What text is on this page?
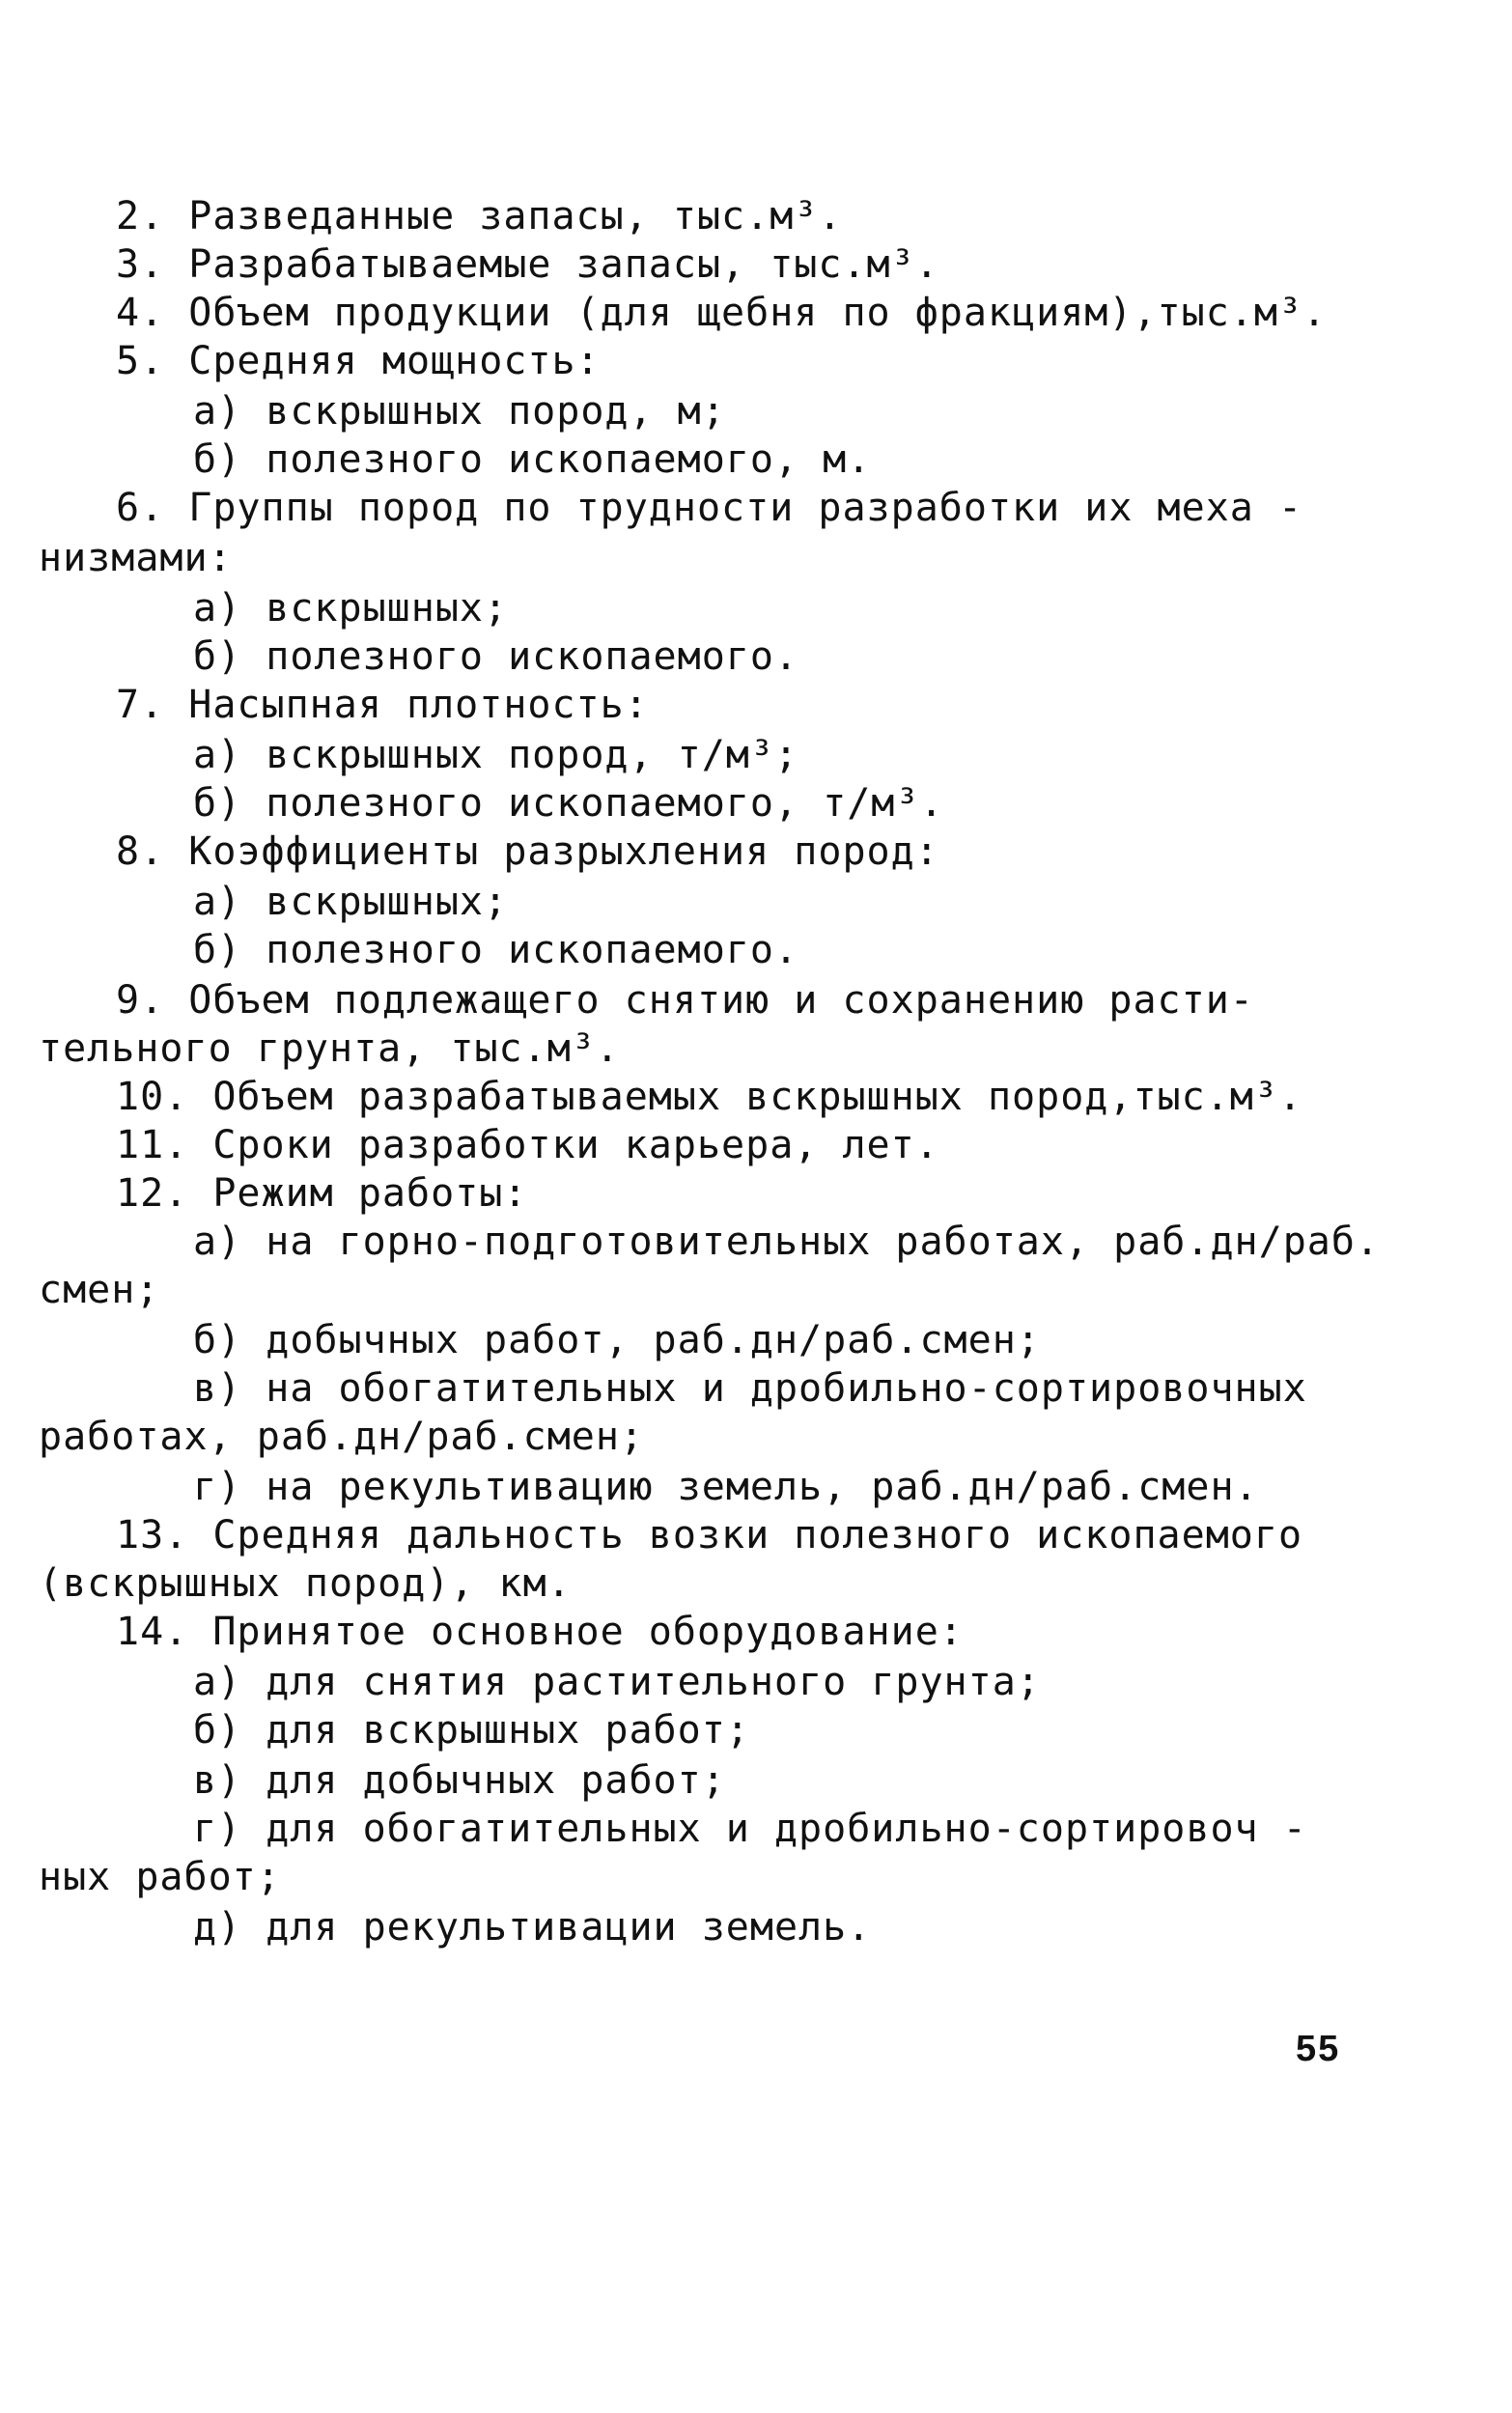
2. Разведанные запасы, тыс.м³.
3. Разрабатываемые запасы, тыс.м³.
4. Объем продукции (для щебня по фракциям),тыс.м³.
5. Средняя мощность:
а) вскрышных пород, м;
б) полезного ископаемого, м.
6. Группы пород по трудности разработки их меха -
низмами:
а) вскрышных;
б) полезного ископаемого.
7. Насыпная плотность:
а) вскрышных пород, т/м³;
б) полезного ископаемого, т/м³.
8. Коэффициенты разрыхления пород:
а) вскрышных;
б) полезного ископаемого.
9. Объем подлежащего снятию и сохранению расти-
тельного грунта, тыс.м³.
10. Объем разрабатываемых вскрышных пород,тыс.м³.
11. Сроки разработки карьера, лет.
12. Режим работы:
а) на горно-подготовительных работах, раб.дн/раб.
смен;
б) добычных работ, раб.дн/раб.смен;
в) на обогатительных и дробильно-сортировочных
работах, раб.дн/раб.смен;
г) на рекультивацию земель, раб.дн/раб.смен.
13. Средняя дальность возки полезного ископаемого
(вскрышных пород), км.
14. Принятое основное оборудование:
а) для снятия растительного грунта;
б) для вскрышных работ;
в) для добычных работ;
г) для обогатительных и дробильно-сортировоч -
ных работ;
д) для рекультивации земель.
55
